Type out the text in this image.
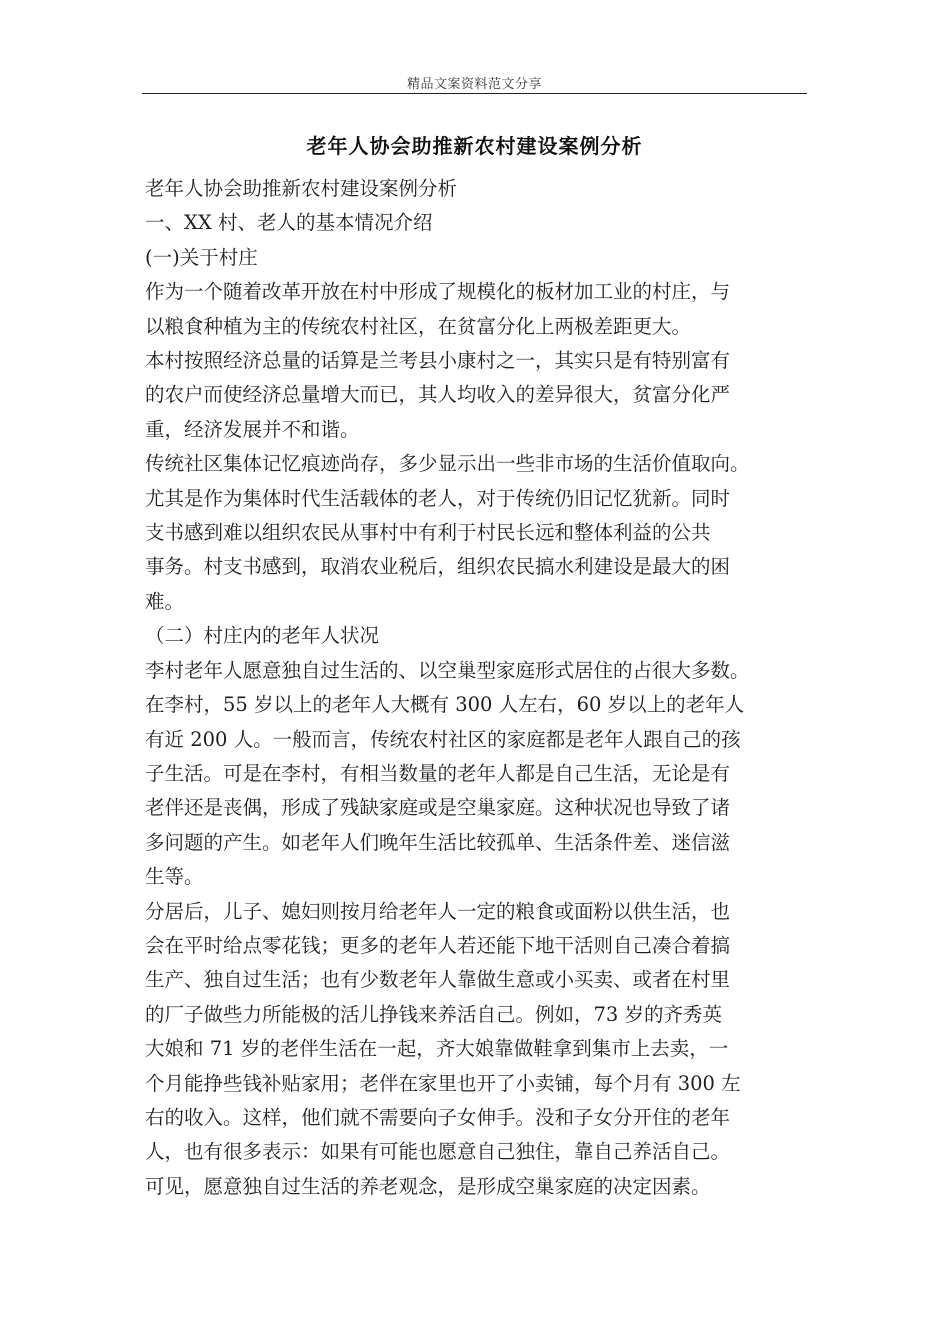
精品文案资料范文分享
老年人协会助推新农村建设案例分析
老年人协会助推新农村建设案例分析
一、XX 村、老人的基本情况介绍
(一)关于村庄
作为一个随着改革开放在村中形成了规模化的板材加工业的村庄，与
以粮食种植为主的传统农村社区，在贫富分化上两极差距更大。
本村按照经济总量的话算是兰考县小康村之一，其实只是有特别富有
的农户而使经济总量增大而已，其人均收入的差异很大，贫富分化严
重，经济发展并不和谐。
传统社区集体记忆痕迹尚存，多少显示出一些非市场的生活价值取向。
尤其是作为集体时代生活载体的老人，对于传统仍旧记忆犹新。同时
支书感到难以组织农民从事村中有利于村民长远和整体利益的公共
事务。村支书感到，取消农业税后，组织农民搞水利建设是最大的困
难。
（二）村庄内的老年人状况
李村老年人愿意独自过生活的、以空巢型家庭形式居住的占很大多数。
在李村，55 岁以上的老年人大概有 300 人左右，60 岁以上的老年人
有近 200 人。一般而言，传统农村社区的家庭都是老年人跟自己的孩
子生活。可是在李村，有相当数量的老年人都是自己生活，无论是有
老伴还是丧偶，形成了残缺家庭或是空巢家庭。这种状况也导致了诸
多问题的产生。如老年人们晚年生活比较孤单、生活条件差、迷信滋
生等。
分居后，儿子、媳妇则按月给老年人一定的粮食或面粉以供生活，也
会在平时给点零花钱；更多的老年人若还能下地干活则自己凑合着搞
生产、独自过生活；也有少数老年人靠做生意或小买卖、或者在村里
的厂子做些力所能极的活儿挣钱来养活自己。例如，73 岁的齐秀英
大娘和 71 岁的老伴生活在一起，齐大娘靠做鞋拿到集市上去卖，一
个月能挣些钱补贴家用；老伴在家里也开了小卖铺，每个月有 300 左
右的收入。这样，他们就不需要向子女伸手。没和子女分开住的老年
人，也有很多表示：如果有可能也愿意自己独住，靠自己养活自己。
可见，愿意独自过生活的养老观念，是形成空巢家庭的决定因素。
